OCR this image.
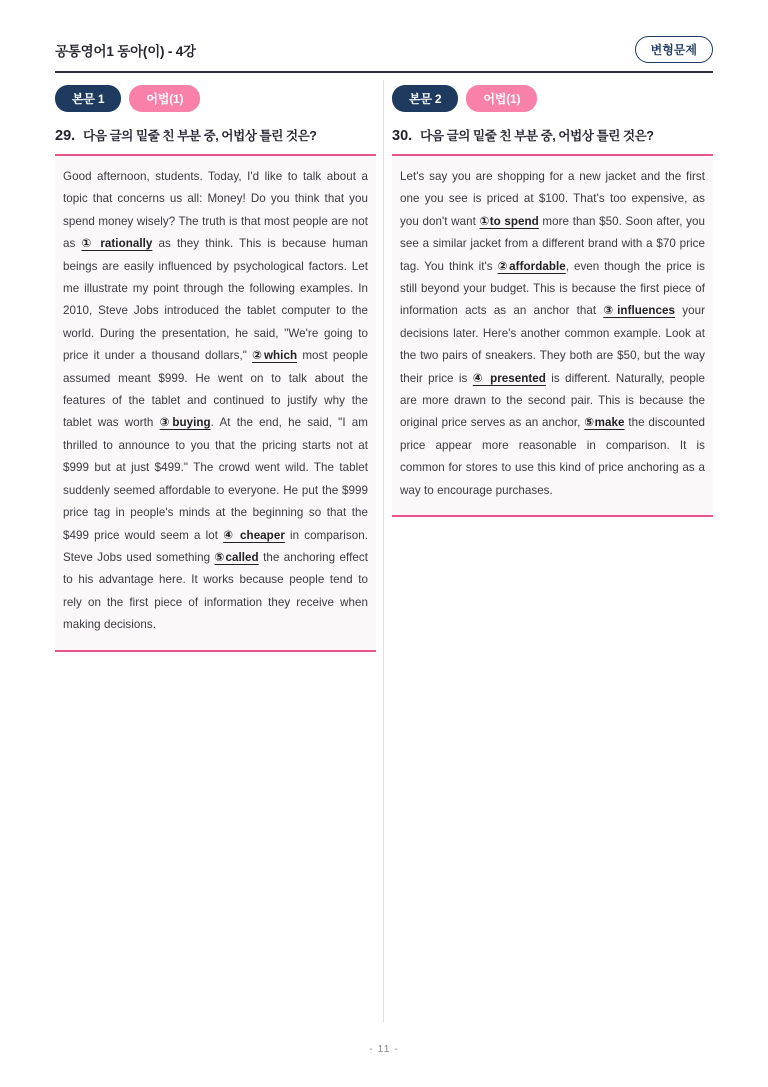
공통영어1 동아(이) - 4강	변형문제
본문 1	어법(1)
29. 다음 글의 밑줄 친 부분 중, 어법상 틀린 것은?
Good afternoon, students. Today, I'd like to talk about a topic that concerns us all: Money! Do you think that you spend money wisely? The truth is that most people are not as ① rationally as they think. This is because human beings are easily influenced by psychological factors. Let me illustrate my point through the following examples. In 2010, Steve Jobs introduced the tablet computer to the world. During the presentation, he said, "We're going to price it under a thousand dollars," ②which most people assumed meant $999. He went on to talk about the features of the tablet and continued to justify why the tablet was worth ③buying. At the end, he said, "I am thrilled to announce to you that the pricing starts not at $999 but at just $499." The crowd went wild. The tablet suddenly seemed affordable to everyone. He put the $999 price tag in people's minds at the beginning so that the $499 price would seem a lot ④ cheaper in comparison. Steve Jobs used something ⑤called the anchoring effect to his advantage here. It works because people tend to rely on the first piece of information they receive when making decisions.
본문 2	어법(1)
30. 다음 글의 밑줄 친 부분 중, 어법상 틀린 것은?
Let's say you are shopping for a new jacket and the first one you see is priced at $100. That's too expensive, as you don't want ①to spend more than $50. Soon after, you see a similar jacket from a different brand with a $70 price tag. You think it's ②affordable, even though the price is still beyond your budget. This is because the first piece of information acts as an anchor that ③influences your decisions later. Here's another common example. Look at the two pairs of sneakers. They both are $50, but the way their price is ④ presented is different. Naturally, people are more drawn to the second pair. This is because the original price serves as an anchor, ⑤make the discounted price appear more reasonable in comparison. It is common for stores to use this kind of price anchoring as a way to encourage purchases.
- 11 -
